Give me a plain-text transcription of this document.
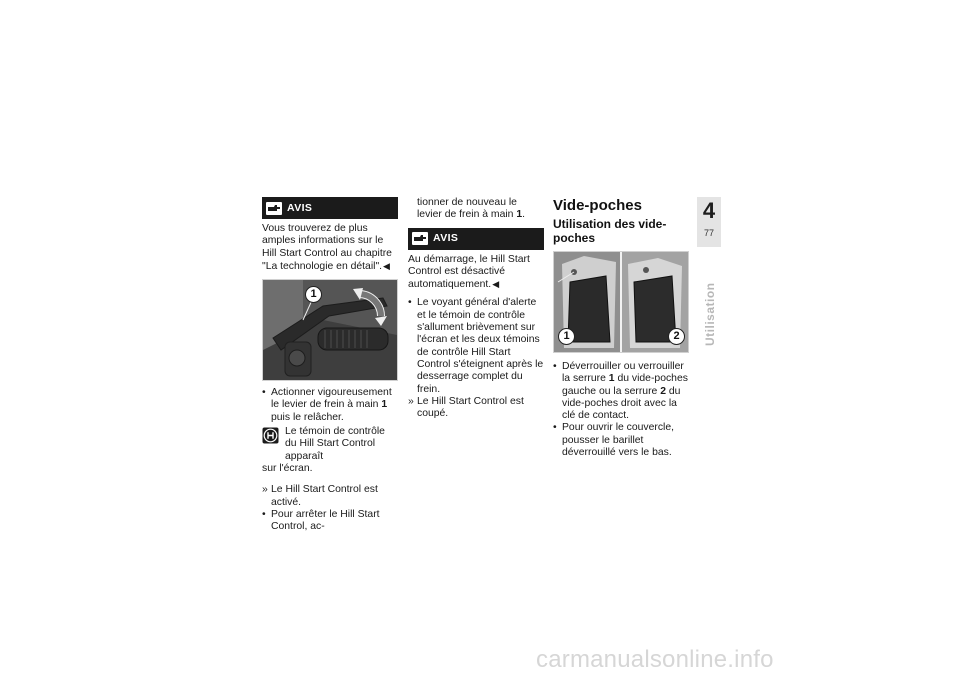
AVIS

Vous trouverez de plus amples informations sur le Hill Start Control au chapitre "La technologie en détail".◀

1
• Actionner vigoureusement le levier de frein à main 1 puis le relâcher.
Le témoin de contrôle du Hill Start Control apparaît

sur l'écran.

» Le Hill Start Control est activé.
• Pour arrêter le Hill Start Control, ac-

tionner de nouveau le levier de frein à main 1.

AVIS

Au démarrage, le Hill Start Control est désactivé automatiquement.◀

• Le voyant général d'alerte et le témoin de contrôle s'allument brièvement sur l'écran et les deux témoins de contrôle Hill Start Control s'éteignent après le desserrage complet du frein.
» Le Hill Start Control est coupé.
Vide-poches
Utilisation des vide-poches
1	2
• Déverrouiller ou verrouiller la serrure 1 du vide-poches gauche ou la serrure 2 du vide-poches droit avec la clé de contact.
• Pour ouvrir le couvercle, pousser le barillet déverrouillé vers le bas.
4
77
Utilisation
carmanualsonline.info
